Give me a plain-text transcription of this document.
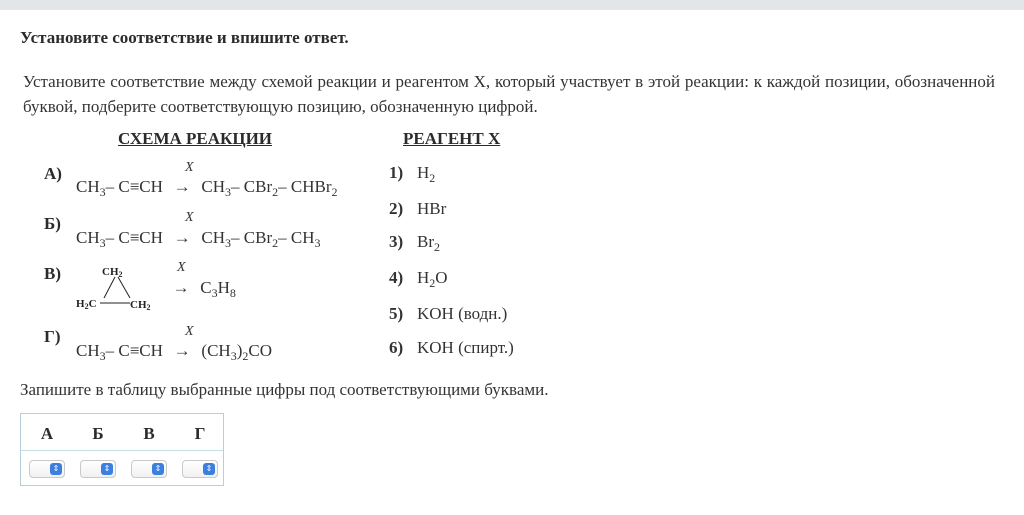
Установите соответствие и впишите ответ.
Установите соответствие между схемой реакции и реагентом X, который участвует в этой реакции: к каждой позиции, обозначенной буквой, подберите соответствующую позицию, обозначенную цифрой.
СХЕМА РЕАКЦИИ	РЕАГЕНТ X
А)	X
$CH_3-$ $C\equiv CH \to CH_3-$ CBr$_2$– CHBr$_2$
Б)	X
$CH_3-$ $C\equiv CH \to CH_3-$ CBr$_2$– $CH_3$
В)	CH2
H2C	CH2
X
→ $C_3H_8$
Г)	X
$CH_3-$ $C\equiv CH \to (CH_3)_2CO$
1) $H_2$
2) HBr
3) $Br_2$
4) $H_2O$
5) KOH (водн.)
6) KOH (спирт.)
Запишите в таблицу выбранные цифры под соответствующими буквами.
А	Б	В	Г
⇕	⇕	⇕	⇕
